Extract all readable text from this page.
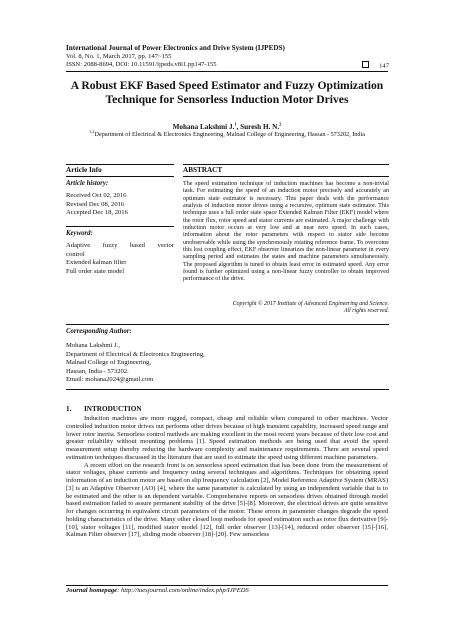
International Journal of Power Electronics and Drive System (IJPEDS)
Vol. 8, No. 1, March 2017, pp. 147~155
ISSN: 2088-8694, DOI: 10.11591/ijpeds.v8i1.pp147-155	147
A Robust EKF Based Speed Estimator and Fuzzy Optimization
Technique for Sensorless Induction Motor Drives
Mohana Lakshmi J.$^1$, Suresh H. N.$^2$
$^{1,2}$Department of Electrical & Electronics Engineering, Malnad College of Engineering, Hassan - 573202, India
Article Info
Article history:
Received Oct 02, 2016
Revised Dec 08, 2016
Accepted Dec 18, 2016
Keyword:
Adaptive fuzzy based vector
control
Extended kalman filter
Full order state model
ABSTRACT
The speed estimation technique of induction machines has become a non-trivial task. For estimating the speed of an induction motor precisely and accurately an optimum state estimator is necessary. This paper deals with the performance analysis of induction motor drives using a recursive, optimum state estimator. This technique uses a full order state space Extended Kalman Filter (EKF) model where the rotor flux, rotor speed and stator currents are estimated. A major challenge with induction motor occurs at very low and at near zero speed. In such cases, information about the rotor parameters with respect to stator side become unobservable while using the synchronously rotating reference frame. To overcome this lost coupling effect, EKF observer linearizes the non-linear parameter in every sampling period and estimates the states and machine parameters simultaneously. The proposed algorithm is tuned to obtain least error in estimated speed. Any error found is further optimized using a non-linear fuzzy controller to obtain improved performance of the drive.
Copyright © 2017 Institute of Advanced Engineering and Science.
All rights reserved.
Corresponding Author:
Mohana Lakshmi J.,
Department of Electrical & Electronics Engineering,
Malnad College of Engineering,
Hassan, India - 573202.
Email: mohana2024@gmail.com
1. INTRODUCTION

Induction machines are more rugged, compact, cheap and reliable when compared to other machines. Vector controlled induction motor drives out performs other drives because of high transient capability, increased speed range and lower rotor inertia. Sensorless control methods are making excellent in the most recent years because of their low cost and greater reliability without mounting problems [1]. Speed estimation methods are being used that avoid the speed measurement setup thereby reducing the hardware complexity and maintenance requirements. There are several speed estimation techniques discussed in the literature that are used to estimate the speed using different machine parameters.

A recent effort on the research front is on sensorless speed estimation that has been done from the measurement of stator voltages, phase currents and frequency using several techniques and algorithms. Techniques for obtaining speed information of an induction motor are based on slip frequency calculation [2], Model Reference Adaptive System (MRAS) [3] is an Adaptive Observer (AO) [4], where the same parameter is calculated by using an independent variable that is to be estimated and the other is an dependent variable. Comprehensive reports on sensorless drives obtained through model based estimation failed to assure permanent stability of the drive [5]-[8]. Moreover, the electrical drives are quite sensitive for changes occurring in equivalent circuit parameters of the motor. These errors in parameter changes degrade the speed holding characteristics of the drive. Many other closed loop methods for speed estimation such as rotor flux derivative [9]-[10], stator voltages [11], modified stator model [12], full order observer [13]-[14], reduced order observer [15]-[16], Kalman Filter observer [17], sliding mode observer [18]-[20]. Few sensorless

Journal homepage: http://iaesjournal.com/online/index.php/IJPEDS
